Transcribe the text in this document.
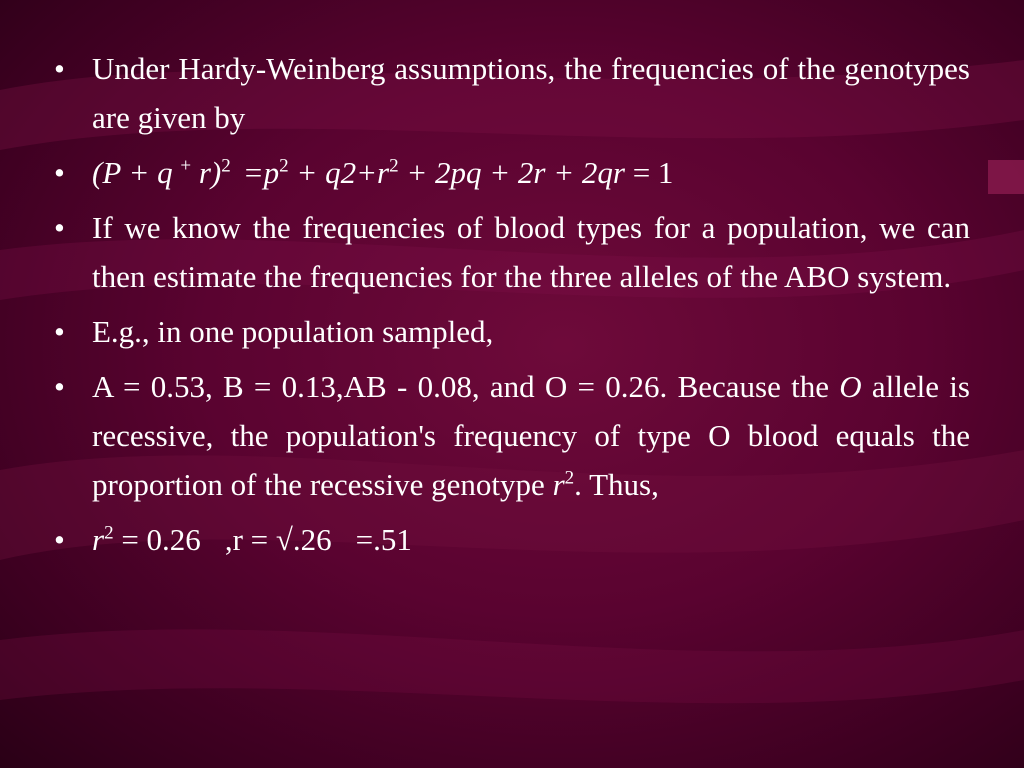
• Under Hardy-Weinberg assumptions, the frequencies of the genotypes are given by
• (P + q + $r)^2 =p^2 + q2+r^2 + 2pq + 2r + 2qr = 1$
• If we know the frequencies of blood types for a population, we can then estimate the frequencies for the three alleles of the ABO system.
• E.g., in one population sampled,
• A = 0.53, B = 0.13,AB - 0.08, and O = 0.26. Because the O allele is recessive, the population's frequency of type O blood equals the proportion of the recessive genotype $r^2$. Thus,
• $r^2 = 0.26$ ,r = √.26 =.51
